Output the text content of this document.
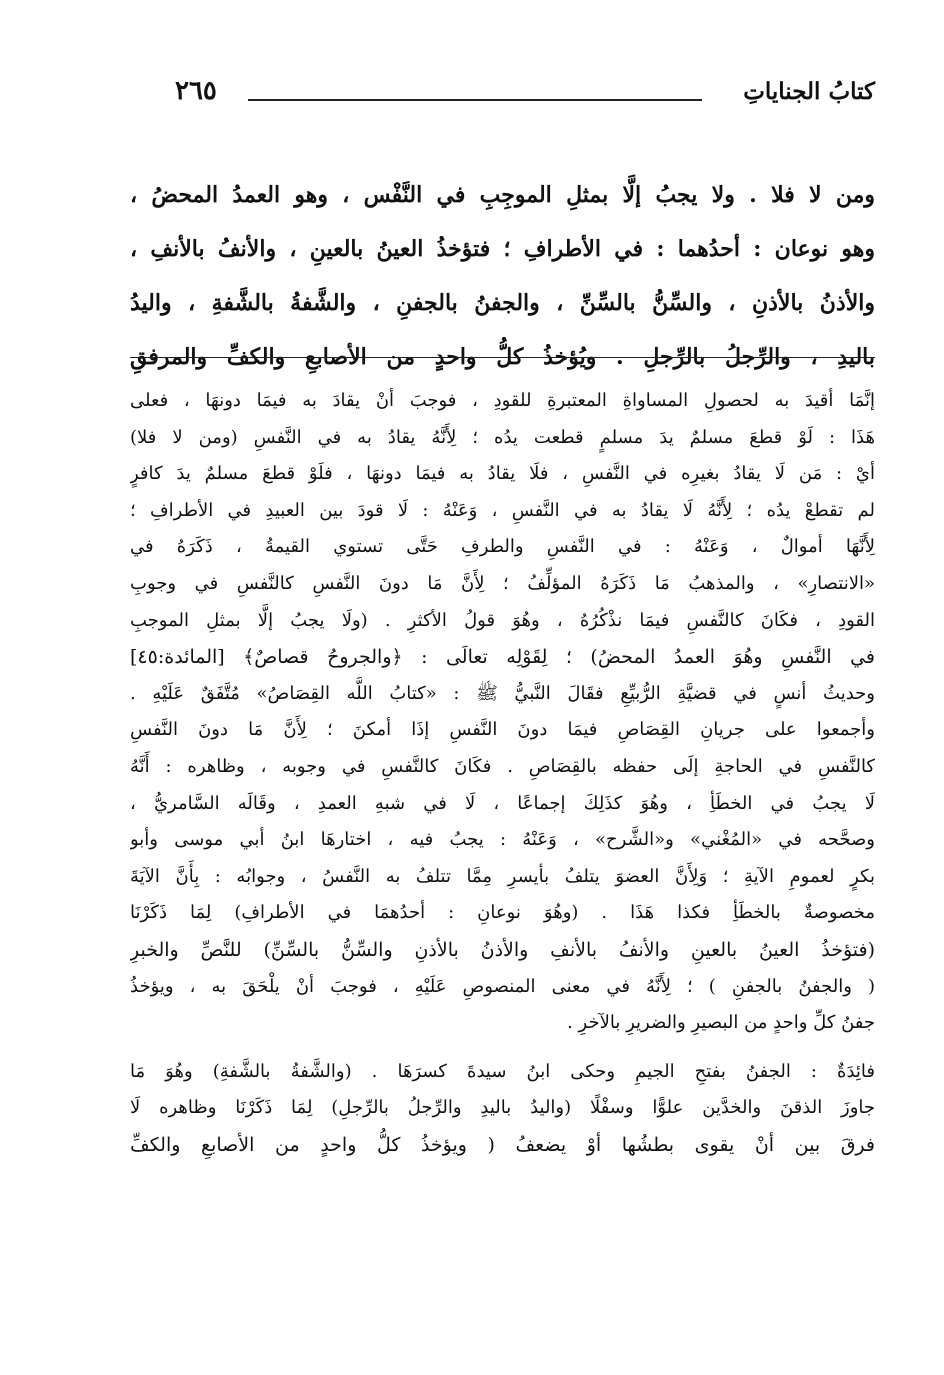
كتابُ الجناياتِ
٢٦٥
ومن لا فلا . ولا يجبُ إلَّا بمثلِ الموجِبِ في النَّفْس ، وهو العمدُ المحضُ ،
وهو نوعان : أحدُهما : في الأطرافِ ؛ فتؤخذُ العينُ بالعينِ ، والأنفُ بالأنفِ ،
والأذنُ بالأذنِ ، والسِّنُّ بالسِّنِّ ، والجفنُ بالجفنِ ، والشَّفةُ بالشَّفةِ ، واليدُ
باليدِ ، والرِّجلُ بالرِّجلِ . ويُؤخذُ كلُّ واحدٍ من الأصابعِ والكفِّ والمرفقِ
إنَّمَا أقيدَ به لحصولِ المساواةِ المعتبرةِ للقودِ ، فوجبَ أنْ يقادَ به فيمَا دونهَا ، فعلى
هَذَا : لَوْ قطعَ مسلمٌ يدَ مسلمٍ قطعت يدُه ؛ لِأَنَّهُ يقادُ به في النَّفسِ (ومن لا فلا)
أيْ : مَن لَا يقادُ بغيرِه في النَّفسِ ، فلَا يقادُ به فيمَا دونهَا ، فلَوْ قطعَ مسلمٌ يدَ كافرٍ
لم تقطعْ يدُه ؛ لِأَنَّهُ لَا يقادُ به في النَّفسِ ، وَعَنْهُ : لَا قودَ بين العبيدِ في الأطرافِ ؛
لِأَنَّهَا أموالٌ ، وَعَنْهُ : في النَّفسِ والطرفِ حَتَّى تستوي القيمةُ ، ذَكَرَهُ في
«الانتصارِ» ، والمذهبُ مَا ذَكَرَهُ المؤلِّفُ ؛ لِأَنَّ مَا دونَ النَّفسِ كالنَّفسِ في وجوبِ
القودِ ، فكَانَ كالنَّفسِ فيمَا نذْكُرُهُ ، وهُوَ قولُ الأكثرِ . (ولَا يجبُ إلَّا بمثلِ الموجبِ
في النَّفسِ وهُوَ العمدُ المحضُ) ؛ لِقَوْلِه تعالَى : ﴿والجروحُ قصاصٌ﴾ [المائدة:٤٥]
وحديثُ أنسٍ في قضيَّةِ الرُّبيِّعِ فقَالَ النَّبيُّ ﷺ : «كتابُ اللَّه القِصَاصُ» مُتَّفَقٌ عَلَيْهِ .
وأجمعوا على جريانِ القِصَاصِ فيمَا دونَ النَّفسِ إذَا أمكنَ ؛ لِأَنَّ مَا دونَ النَّفسِ
كالنَّفسِ في الحاجةِ إلَى حفظه بالقِصَاصِ . فكَانَ كالنَّفسِ في وجوبه ، وظاهره : أَنَّهُ
لَا يجبُ في الخطَأِ ، وهُوَ كذَلِكَ إجماعًا ، لَا في شبهِ العمدِ ، وقَالَه السَّامريُّ ،
وصحَّحه في «المُغْني» و«الشَّرح» ، وَعَنْهُ : يجبُ فيه ، اختارهَا ابنُ أبي موسى وأبو
بكرٍ لعمومِ الآيةِ ؛ وَلِأَنَّ العضوَ يتلفُ بأيسرِ مِمَّا تتلفُ به النَّفسُ ، وجوابُه : بِأَنَّ الآيَةَ
مخصوصةٌ بالخطَأِ فكذا هَذَا . (وهُوَ نوعانِ : أحدُهمَا في الأطرافِ) لِمَا ذَكَرْنَا
(فتؤخذُ العينُ بالعينِ والأنفُ بالأنفِ والأذنُ بالأذنِ والسِّنُّ بالسِّنِّ) للنَّصِّ والخبرِ
( والجفنُ بالجفنِ ) ؛ لِأَنَّهُ في معنى المنصوصِ عَلَيْهِ ، فوجبَ أنْ يلْحَقَ به ، ويؤخذُ
جفنُ كلِّ واحدٍ من البصيرِ والضريرِ بالآخرِ .
فائِدَةٌ : الجفنُ بفتحِ الجيمِ وحكى ابنُ سيدةَ كسرَهَا . (والشَّفةُ بالشَّفةِ) وهُوَ مَا
جاوزَ الذقنَ والخدَّين علوًّا وسفْلًا (واليدُ باليدِ والرِّجلُ بالرِّجلِ) لِمَا ذَكَرْنَا وظاهره لَا
فرقَ بين أنْ يقوى بطشُها أوْ يضعفُ ( ويؤخذُ كلُّ واحدٍ من الأصابعِ والكفِّ
